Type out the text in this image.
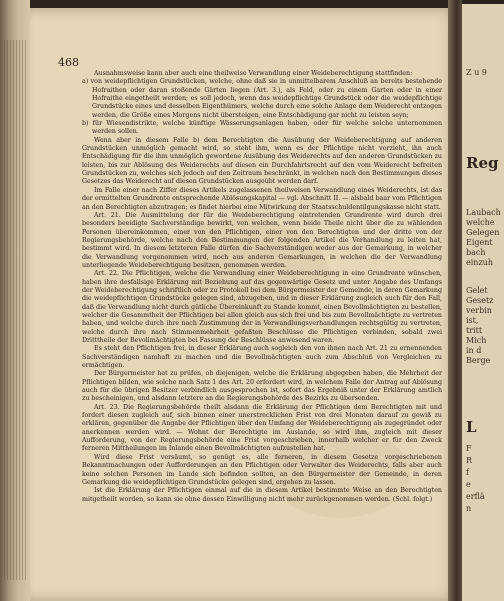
468

Ausnahmsweise kann aber auch eine theilweise Verwandlung einer Weideberechtigung stattfinden:

a) von weidepflichtigen Grundstücken, welche, ohne daß sie in unmittelbarem Anschluß an bereits bestehende Hofraithen oder daran stoßende Gärten liegen (Art. 3.), als Feld, oder zu einem Garten oder in einer Hofraithe eingetheilt werden; es soll jedoch, wenn das weidepflichtige Grundstück oder die weidepflichtige Grundstücke eines und desselben Eigenthümers, welche durch eine solche Anlage dem Weiderecht entzogen werden, die Größe eines Morgens nicht übersteigen, eine Entschädigung gar nicht zu leisten seyn;

b) für Wiesendistrikte, welche künftige Wässerungsanlagen haben, oder für welche solche unternommen werden sollen.

Wenn aber in diesem Falle b) dem Berechtigten die Ausübung der Weideberechtigung auf anderen Grundstücken unmöglich gemacht wird, so steht ihm, wenn es der Pflichtige nicht vorzieht, ihn auch Entschädigung für die ihm unmöglich gewordene Ausübung des Weiderechts auf den anderen Grundstücken zu leisten, bis zur Ablösung des Weiderechts auf diesen ein Durchfahrtsrecht auf den vom Weiderecht befreiten Grundstücken zu, welches sich jedoch auf den Zeitraum beschränkt, in welchen nach den Bestimmungen dieses Gesetzes das Weiderecht auf diesen Grundstücken ausgeübt werden darf.

Im Falle einer nach Ziffer dieses Artikels zugelassenen theilweisen Verwandlung eines Weiderechts, ist das der ermittelten Grundrente entsprechende Ablösungskapital — vgl. Abschnitt II. — alsbald baar vom Pflichtigen an den Berechtigten abzutragen; es findet hierbei eine Mitwirkung der Staatsschuldentilgungskasse nicht statt.

Art. 21. Die Ausmittelung der für die Weideberechtigung eintretenden Grundrente wird durch drei besonders beeidigte Sachverständige bewirkt, von welchen, wenn beide Theile nicht über die zu wählenden Personen übereinkommen, einer von den Pflichtigen, einer von den Berechtigten und der dritte von der Regierungsbehörde, welche nach den Bestimmungen der folgenden Artikel die Verhandlung zu leiten hat, bestimmt wird. In diesem letzteren Falle dürfen die Sachverständigen weder aus der Gemarkung, in welcher die Verwandlung vorgenommen wird, noch aus anderen Gemarkungen, in welchen die der Verwandlung unterliegende Weideberechtigung besitzen, genommen werden.

Art. 22. Die Pflichtigen, welche die Verwandlung einer Weideberechtigung in eine Grundrente wünschen, haben ihre desfallsige Erklärung mit Beziehung auf das gegenwärtige Gesetz und unter Angabe des Umfangs der Weideberechtigung schriftlich oder zu Protokoll bei dem Bürgermeister der Gemeinde, in deren Gemarkung die weidepflichtigen Grundstücke gelegen sind, abzugeben, und in dieser Erklärung zugleich auch für den Fall, daß die Verwandlung nicht durch gütliche Übereinkunft zu Stande kommt, einen Bevollmächtigten zu bestellen, welcher die Gesammtheit der Pflichtigen bei allen gleich aus sich frei und bis zum Bevollmächtigte zu vertreten haben, und welche durch ihre nach Zustimmung der in Verwandlungsverhandlungen rechtsgültig zu vertreten, welche durch ihre nach Stimmenmehrheit gefaßten Beschlüsse die Pflichtigen verbinden, sobald zwei Dritttheile der Bevollmächtigten bei Fassung der Beschlüsse anwesend waren.

Es steht den Pflichtigen frei, in dieser Erklärung auch sogleich den von ihnen nach Art. 21 zu ernennenden Sachverständigen namhaft zu machen und die Bevollmächtigten auch zum Abschluß von Vergleichen zu ermächtigen.

Der Bürgermeister hat zu prüfen, ob diejenigen, welche die Erklärung abgegeben haben, die Mehrheit der Pflichtigen bilden, wie solche nach Satz 1 des Art. 20 erfordert wird, in welchem Falle der Antrag auf Ablösung auch für die übrigen Besitzer verbindlich ausgesprochen ist, sofort das Ergebniß unter der Erklärung amtlich zu bescheinigen, und alsdann letztere an die Regierungsbehörde des Bezirks zu übersenden.

Art. 23. Die Regierungsbehörde theilt alsdann die Erklärung der Pflichtigen dem Berechtigten mit und fordert diesen zugleich auf, sich binnen einer unerstrecklichen Frist von drei Monaten darauf zu gewiß zu erklären, gegenüber die Angabe der Pflichtigen über den Umfang der Weideberechtigung als zugegründet oder anerkennen werden wird. — Wohnt der Berechtigte im Auslande, so wird ihm, zugleich mit dieser Aufforderung, von der Regierungsbehörde eine Frist vorgeschrieben, innerhalb welcher er für den Zweck ferneren Mittheilungen im Inlande einen Bevollmächtigten aufzustellen hat.

Wird diese Frist versäumt, so genügt es, alle ferneren, in diesem Gesetze vorgeschriebenen Bekanntmachungen oder Aufforderungen an den Pflichtigen oder Verwalter des Weiderechts, falls aber auch keine solchen Personen im Lande sich befinden sollten, an den Bürgermeister der Gemeinde, in deren Gemarkung die weidepflichtigen Grundstücke gelegen sind, ergehen zu lassen.

Ist die Erklärung der Pflichtigen einmal auf die in diesem Artikel bestimmte Weise an den Berechtigten mitgetheilt worden, so kann sie ohne dessen Einwilligung nicht mehr zurückgenommen werden. (Schl. folgt.)

Z u 9
Reg
Laubach
welche
Gelegen
Eigent
bach
einzuh
Gelet
Gesetz
verbin
ist,
tritt
Mich
in d
Berge
L
F
R
f
e
erflä
n
